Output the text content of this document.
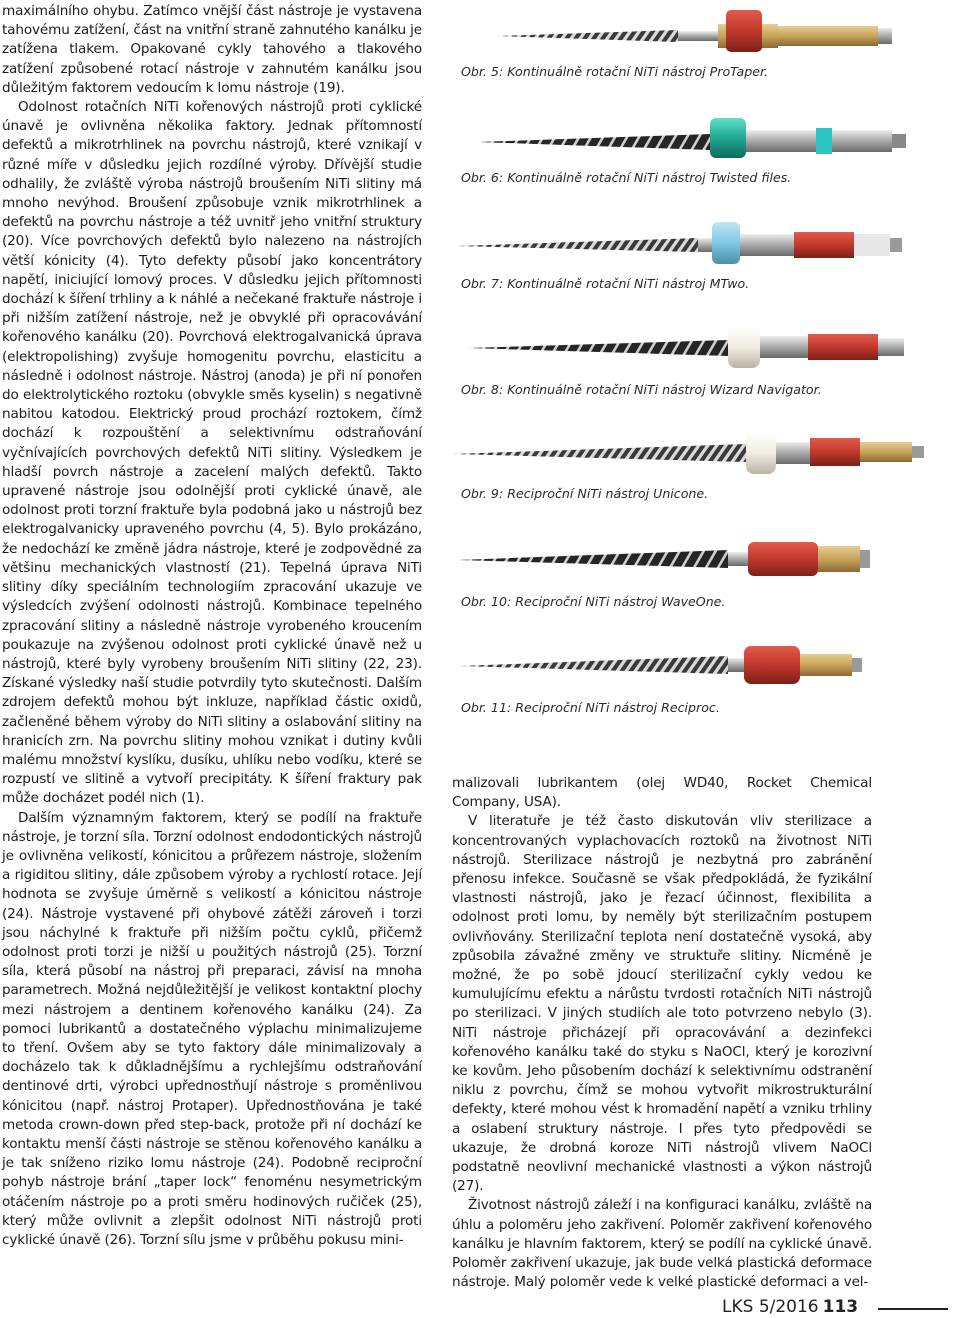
maximálního ohybu. Zatímco vnější část nástroje je vystavena tahovému zatížení, část na vnitřní straně zahnutého kanálku je zatížena tlakem. Opakované cykly tahového a tlakového zatížení způsobené rotací nástroje v zahnutém kanálku jsou důležitým faktorem vedoucím k lomu nástroje (19).

Odolnost rotačních NiTi kořenových nástrojů proti cyklické únavě je ovlivněna několika faktory. Jednak přítomností defektů a mikrotrhlinek na povrchu nástrojů, které vznikají v různé míře v důsledku jejich rozdílné výroby. Dřívější studie odhalily, že zvláště výroba nástrojů broušením NiTi slitiny má mnoho nevýhod. Broušení způsobuje vznik mikrotrhlinek a defektů na povrchu nástroje a též uvnitř jeho vnitřní struktury (20). Více povrchových defektů bylo nalezeno na nástrojích větší kónicity (4). Tyto defekty působí jako koncentrátory napětí, iniciující lomový proces. V důsledku jejich přítomnosti dochází k šíření trhliny a k náhlé a nečekané fraktuře nástroje i při nižším zatížení nástroje, než je obvyklé při opracovávání kořenového kanálku (20). Povrchová elektrogalvanická úprava (elektropolishing) zvyšuje homogenitu povrchu, elasticitu a následně i odolnost nástroje. Nástroj (anoda) je při ní ponořen do elektrolytického roztoku (obvykle směs kyselin) s negativně nabitou katodou. Elektrický proud prochází roztokem, čímž dochází k rozpouštění a selektivnímu odstraňování vyčnívajících povrchových defektů NiTi slitiny. Výsledkem je hladší povrch nástroje a zacelení malých defektů. Takto upravené nástroje jsou odolnější proti cyklické únavě, ale odolnost proti torzní fraktuře byla podobná jako u nástrojů bez elektrogalvanicky upraveného povrchu (4, 5). Bylo prokázáno, že nedochází ke změně jádra nástroje, které je zodpovědné za většinu mechanických vlastností (21). Tepelná úprava NiTi slitiny díky speciálním technologiím zpracování ukazuje ve výsledcích zvýšení odolnosti nástrojů. Kombinace tepelného zpracování slitiny a následně nástroje vyrobeného kroucením poukazuje na zvýšenou odolnost proti cyklické únavě než u nástrojů, které byly vyrobeny broušením NiTi slitiny (22, 23). Získané výsledky naší studie potvrdily tyto skutečnosti. Dalším zdrojem defektů mohou být inkluze, například částic oxidů, začleněné během výroby do NiTi slitiny a oslabování slitiny na hranicích zrn. Na povrchu slitiny mohou vznikat i dutiny kvůli malému množství kyslíku, dusíku, uhlíku nebo vodíku, které se rozpustí ve slitině a vytvoří precipitáty. K šíření fraktury pak může docházet podél nich (1).

Dalším významným faktorem, který se podílí na fraktuře nástroje, je torzní síla. Torzní odolnost endodontických nástrojů je ovlivněna velikostí, kónicitou a průřezem nástroje, složením a rigiditou slitiny, dále způsobem výroby a rychlostí rotace. Její hodnota se zvyšuje úměrně s velikostí a kónicitou nástroje (24). Nástroje vystavené při ohybové zátěži zároveň i torzi jsou náchylné k fraktuře při nižším počtu cyklů, přičemž odolnost proti torzi je nižší u použitých nástrojů (25). Torzní síla, která působí na nástroj při preparaci, závisí na mnoha parametrech. Možná nejdůležitější je velikost kontaktní plochy mezi nástrojem a dentinem kořenového kanálku (24). Za pomoci lubrikantů a dostatečného výplachu minimalizujeme to tření. Ovšem aby se tyto faktory dále minimalizovaly a docházelo tak k důkladnějšímu a rychlejšímu odstraňování dentinové drti, výrobci upřednostňují nástroje s proměnlivou kónicitou (např. nástroj Protaper). Upřednostňována je také metoda crown-down před step-back, protože při ní dochází ke kontaktu menší části nástroje se stěnou kořenového kanálku a je tak sníženo riziko lomu nástroje (24). Podobně reciproční pohyb nástroje brání „taper lock“ fenoménu nesymetrickým otáčením nástroje po a proti směru hodinových ručiček (25), který může ovlivnit a zlepšit odolnost NiTi nástrojů proti cyklické únavě (26). Torzní sílu jsme v průběhu pokusu mini-

Obr. 5: Kontinuálně rotační NiTi nástroj ProTaper.
Obr. 6: Kontinuálně rotační NiTi nástroj Twisted files.
Obr. 7: Kontinuálně rotační NiTi nástroj MTwo.
Obr. 8: Kontinuálně rotační NiTi nástroj Wizard Navigator.
Obr. 9: Reciproční NiTi nástroj Unicone.
Obr. 10: Reciproční NiTi nástroj WaveOne.
Obr. 11: Reciproční NiTi nástroj Reciproc.

malizovali lubrikantem (olej WD40, Rocket Chemical Company, USA).

V literatuře je též často diskutován vliv sterilizace a koncentrovaných vyplachovacích roztoků na životnost NiTi nástrojů. Sterilizace nástrojů je nezbytná pro zabránění přenosu infekce. Současně se však předpokládá, že fyzikální vlastnosti nástrojů, jako je řezací účinnost, flexibilita a odolnost proti lomu, by neměly být sterilizačním postupem ovlivňovány. Sterilizační teplota není dostatečně vysoká, aby způsobila závažné změny ve struktuře slitiny. Nicméně je možné, že po sobě jdoucí sterilizační cykly vedou ke kumulujícímu efektu a nárůstu tvrdosti rotačních NiTi nástrojů po sterilizaci. V jiných studiích ale toto potvrzeno nebylo (3). NiTi nástroje přicházejí při opracovávání a dezinfekci kořenového kanálku také do styku s NaOCl, který je korozivní ke kovům. Jeho působením dochází k selektivnímu odstranění niklu z povrchu, čímž se mohou vytvořit mikrostrukturální defekty, které mohou vést k hromadění napětí a vzniku trhliny a oslabení struktury nástroje. I přes tyto předpovědi se ukazuje, že drobná koroze NiTi nástrojů vlivem NaOCl podstatně neovlivní mechanické vlastnosti a výkon nástrojů (27).

Životnost nástrojů záleží i na konfiguraci kanálku, zvláště na úhlu a poloměru jeho zakřivení. Poloměr zakřivení kořenového kanálku je hlavním faktorem, který se podílí na cyklické únavě. Poloměr zakřivení ukazuje, jak bude velká plastická deformace nástroje. Malý poloměr vede k velké plastické deformaci a vel-

LKS 5/2016 113
